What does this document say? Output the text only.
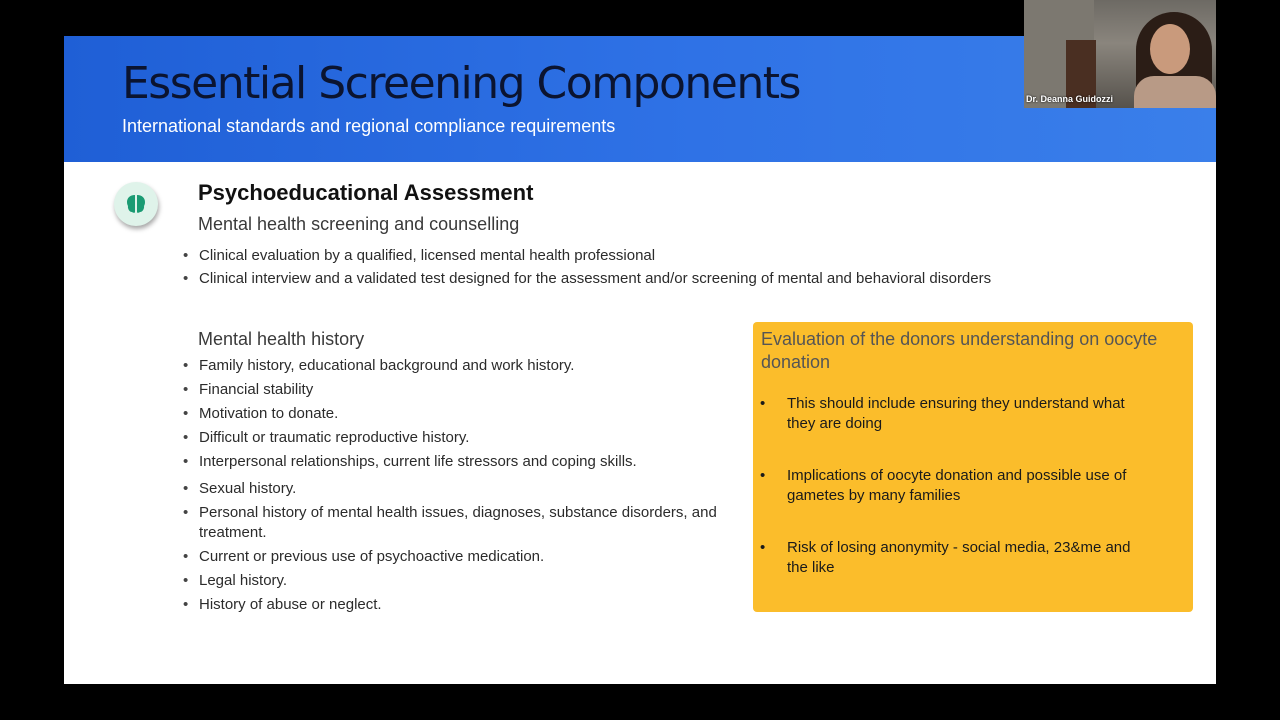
Essential Screening Components

International standards and regional compliance requirements

Psychoeducational Assessment

Mental health screening and counselling

• Clinical evaluation by a qualified, licensed mental health professional
• Clinical interview and a validated test designed for the assessment and/or screening of mental and behavioral disorders

Mental health history

• Family history, educational background and work history.
• Financial stability
• Motivation to donate.
• Difficult or traumatic reproductive history.
• Interpersonal relationships, current life stressors and coping skills.
• Sexual history.
• Personal history of mental health issues, diagnoses, substance disorders, and treatment.
• Current or previous use of psychoactive medication.
• Legal history.
• History of abuse or neglect.

Evaluation of the donors understanding on oocyte donation

• This should include ensuring they understand what they are doing
• Implications of oocyte donation and possible use of gametes by many families
• Risk of losing anonymity - social media, 23&me and the like
Dr. Deanna Guidozzi
